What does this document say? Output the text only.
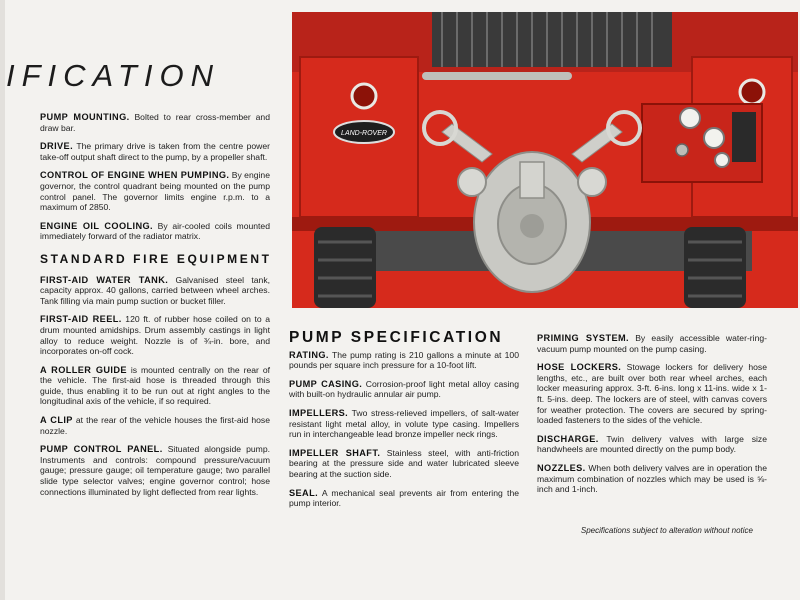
IFICATION

PUMP MOUNTING. Bolted to rear cross-member and draw bar.

DRIVE. The primary drive is taken from the centre power take-off output shaft direct to the pump, by a propeller shaft.

CONTROL OF ENGINE WHEN PUMPING. By engine governor, the control quadrant being mounted on the pump control panel. The governor limits engine r.p.m. to a maximum of 2850.

ENGINE OIL COOLING. By air-cooled coils mounted immediately forward of the radiator matrix.

STANDARD FIRE EQUIPMENT

FIRST-AID WATER TANK. Galvanised steel tank, capacity approx. 40 gallons, carried between wheel arches. Tank filling via main pump suction or bucket filler.

FIRST-AID REEL. 120 ft. of rubber hose coiled on to a drum mounted amidships. Drum assembly castings in light alloy to reduce weight. Nozzle is of ¾-in. bore, and incorporates on-off cock.

A ROLLER GUIDE is mounted centrally on the rear of the vehicle. The first-aid hose is threaded through this guide, thus enabling it to be run out at right angles to the longitudinal axis of the vehicle, if so required.

A CLIP at the rear of the vehicle houses the first-aid hose nozzle.

PUMP CONTROL PANEL. Situated alongside pump. Instruments and controls: compound pressure/vacuum gauge; pressure gauge; oil temperature gauge; two parallel slide type selector valves; engine governor control; hose connections illuminated by light deflected from rear lights.

LAND-ROVER
PUMP SPECIFICATION

RATING. The pump rating is 210 gallons a minute at 100 pounds per square inch pressure for a 10-foot lift.

PUMP CASING. Corrosion-proof light metal alloy casing with built-on hydraulic annular air pump.

IMPELLERS. Two stress-relieved impellers, of salt-water resistant light metal alloy, in volute type casing. Impellers run in interchangeable lead bronze impeller neck rings.

IMPELLER SHAFT. Stainless steel, with anti-friction bearing at the pressure side and water lubricated sleeve bearing at the suction side.

SEAL. A mechanical seal prevents air from entering the pump interior.

PRIMING SYSTEM. By easily accessible water-ring-vacuum pump mounted on the pump casing.

HOSE LOCKERS. Stowage lockers for delivery hose lengths, etc., are built over both rear wheel arches, each locker measuring approx. 3-ft. 6-ins. long x 11-ins. wide x 1-ft. 5-ins. deep. The lockers are of steel, with canvas covers for weather protection. The covers are secured by spring-loaded fasteners to the sides of the vehicle.

DISCHARGE. Twin delivery valves with large size handwheels are mounted directly on the pump body.

NOZZLES. When both delivery valves are in operation the maximum combination of nozzles which may be used is ⅝-inch and 1-inch.

Specifications subject to alteration without notice
